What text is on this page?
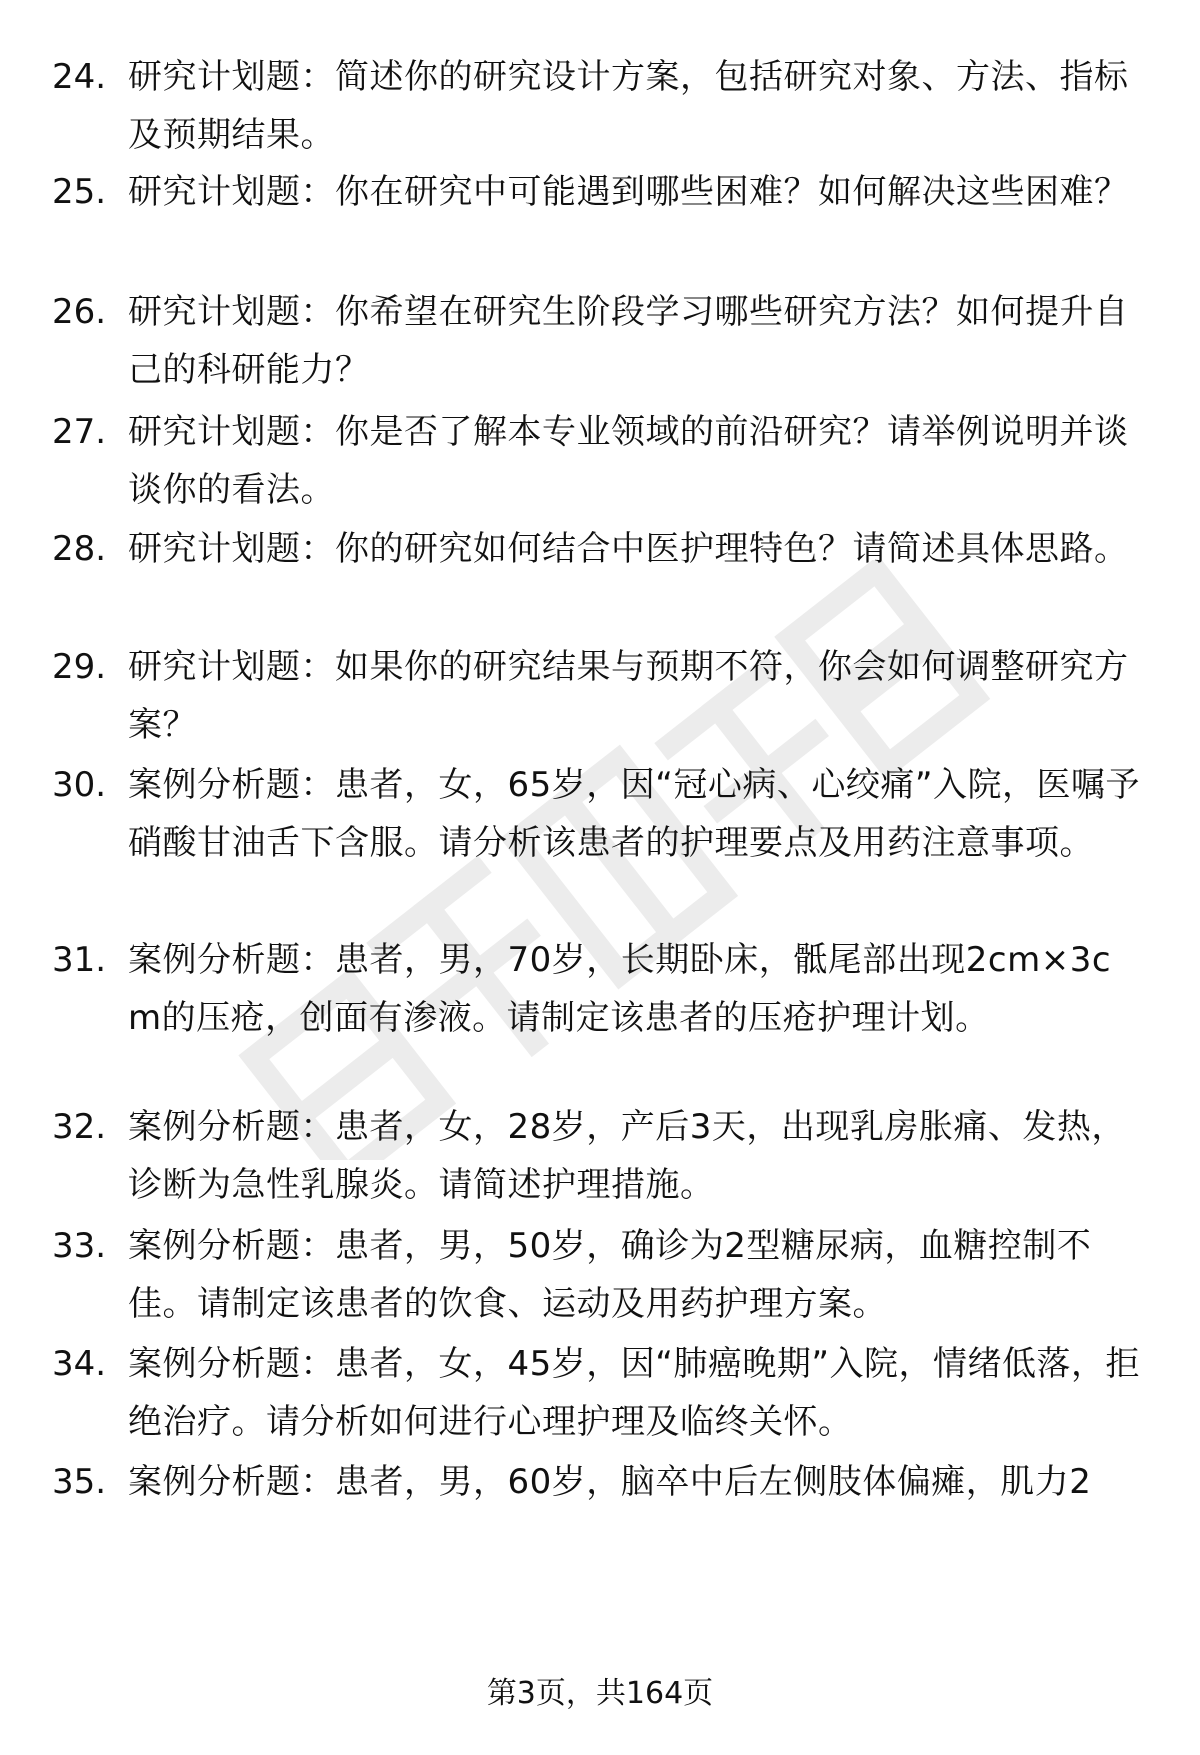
24. 研究计划题：简述你的研究设计方案，包括研究对象、方法、指标及预期结果。
25. 研究计划题：你在研究中可能遇到哪些困难？如何解决这些困难？
26. 研究计划题：你希望在研究生阶段学习哪些研究方法？如何提升自己的科研能力？
27. 研究计划题：你是否了解本专业领域的前沿研究？请举例说明并谈谈你的看法。
28. 研究计划题：你的研究如何结合中医护理特色？请简述具体思路。
29. 研究计划题：如果你的研究结果与预期不符，你会如何调整研究方案？
30. 案例分析题：患者，女，65岁，因“冠心病、心绞痛”入院，医嘱予硝酸甘油舌下含服。请分析该患者的护理要点及用药注意事项。
31. 案例分析题：患者，男，70岁，长期卧床，骶尾部出现2cm×3cm的压疮，创面有渗液。请制定该患者的压疮护理计划。
32. 案例分析题：患者，女，28岁，产后3天，出现乳房胀痛、发热，诊断为急性乳腺炎。请简述护理措施。
33. 案例分析题：患者，男，50岁，确诊为2型糖尿病，血糖控制不佳。请制定该患者的饮食、运动及用药护理方案。
34. 案例分析题：患者，女，45岁，因“肺癌晚期”入院，情绪低落，拒绝治疗。请分析如何进行心理护理及临终关怀。
35. 案例分析题：患者，男，60岁，脑卒中后左侧肢体偏瘫，肌力2
第3页，共164页
